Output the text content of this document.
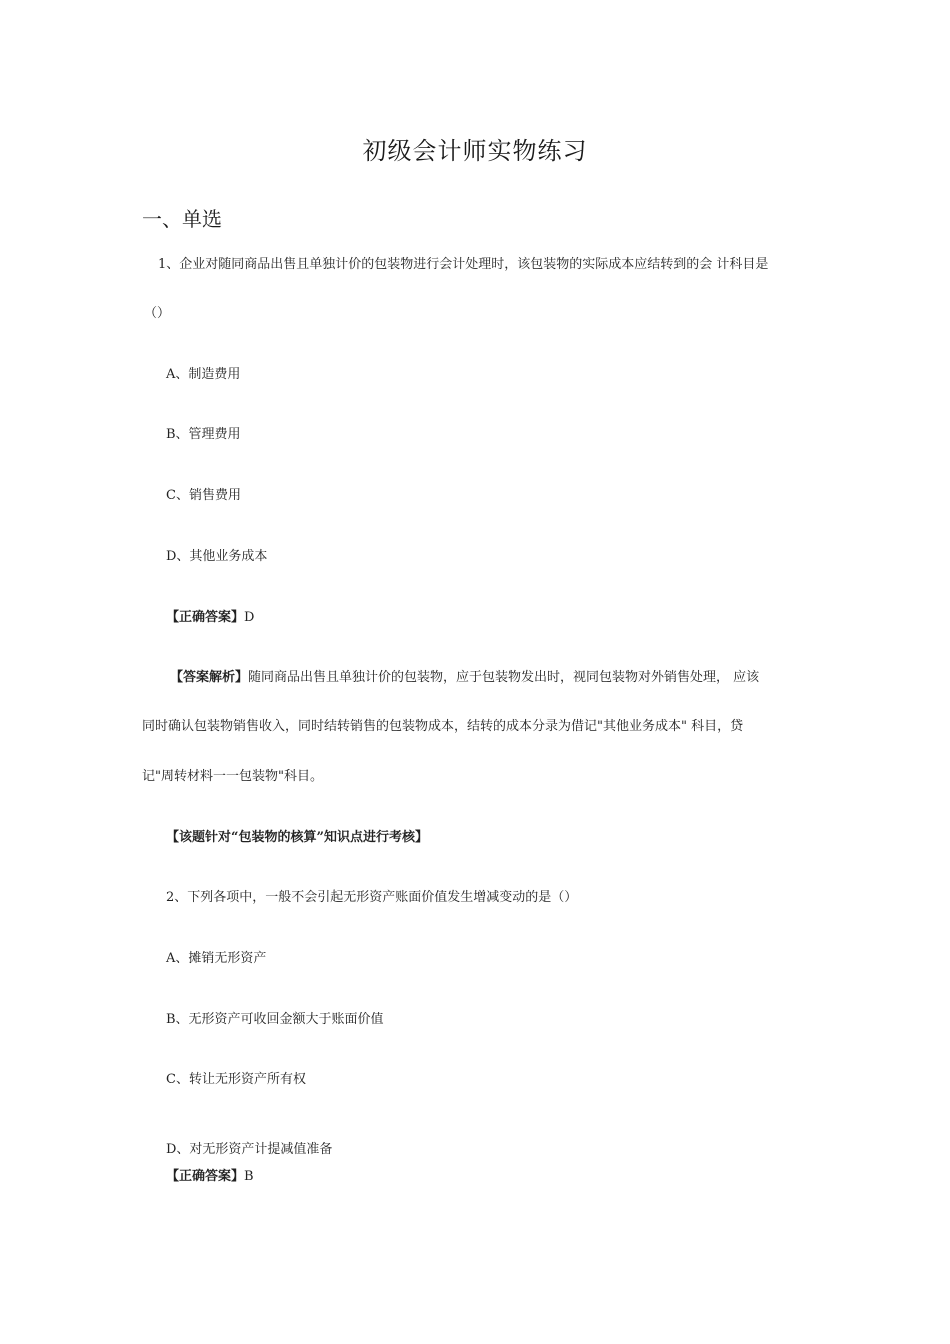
初级会计师实物练习
一、单选
1、企业对随同商品出售且单独计价的包装物进行会计处理时，该包装物的实际成本应结转到的会 计科目是
（）
A、制造费用
B、管理费用
C、销售费用
D、其他业务成本
【正确答案】D
【答案解析】随同商品出售且单独计价的包装物，应于包装物发出时，视同包装物对外销售处理， 应该
同时确认包装物销售收入，同时结转销售的包装物成本，结转的成本分录为借记"其他业务成本" 科目，贷
记"周转材料一一包装物"科目。
【该题针对“包装物的核算”知识点进行考核】
2、下列各项中，一般不会引起无形资产账面价值发生增减变动的是（）
A、摊销无形资产
B、无形资产可收回金额大于账面价值
C、转让无形资产所有权
D、对无形资产计提减值准备
【正确答案】B
